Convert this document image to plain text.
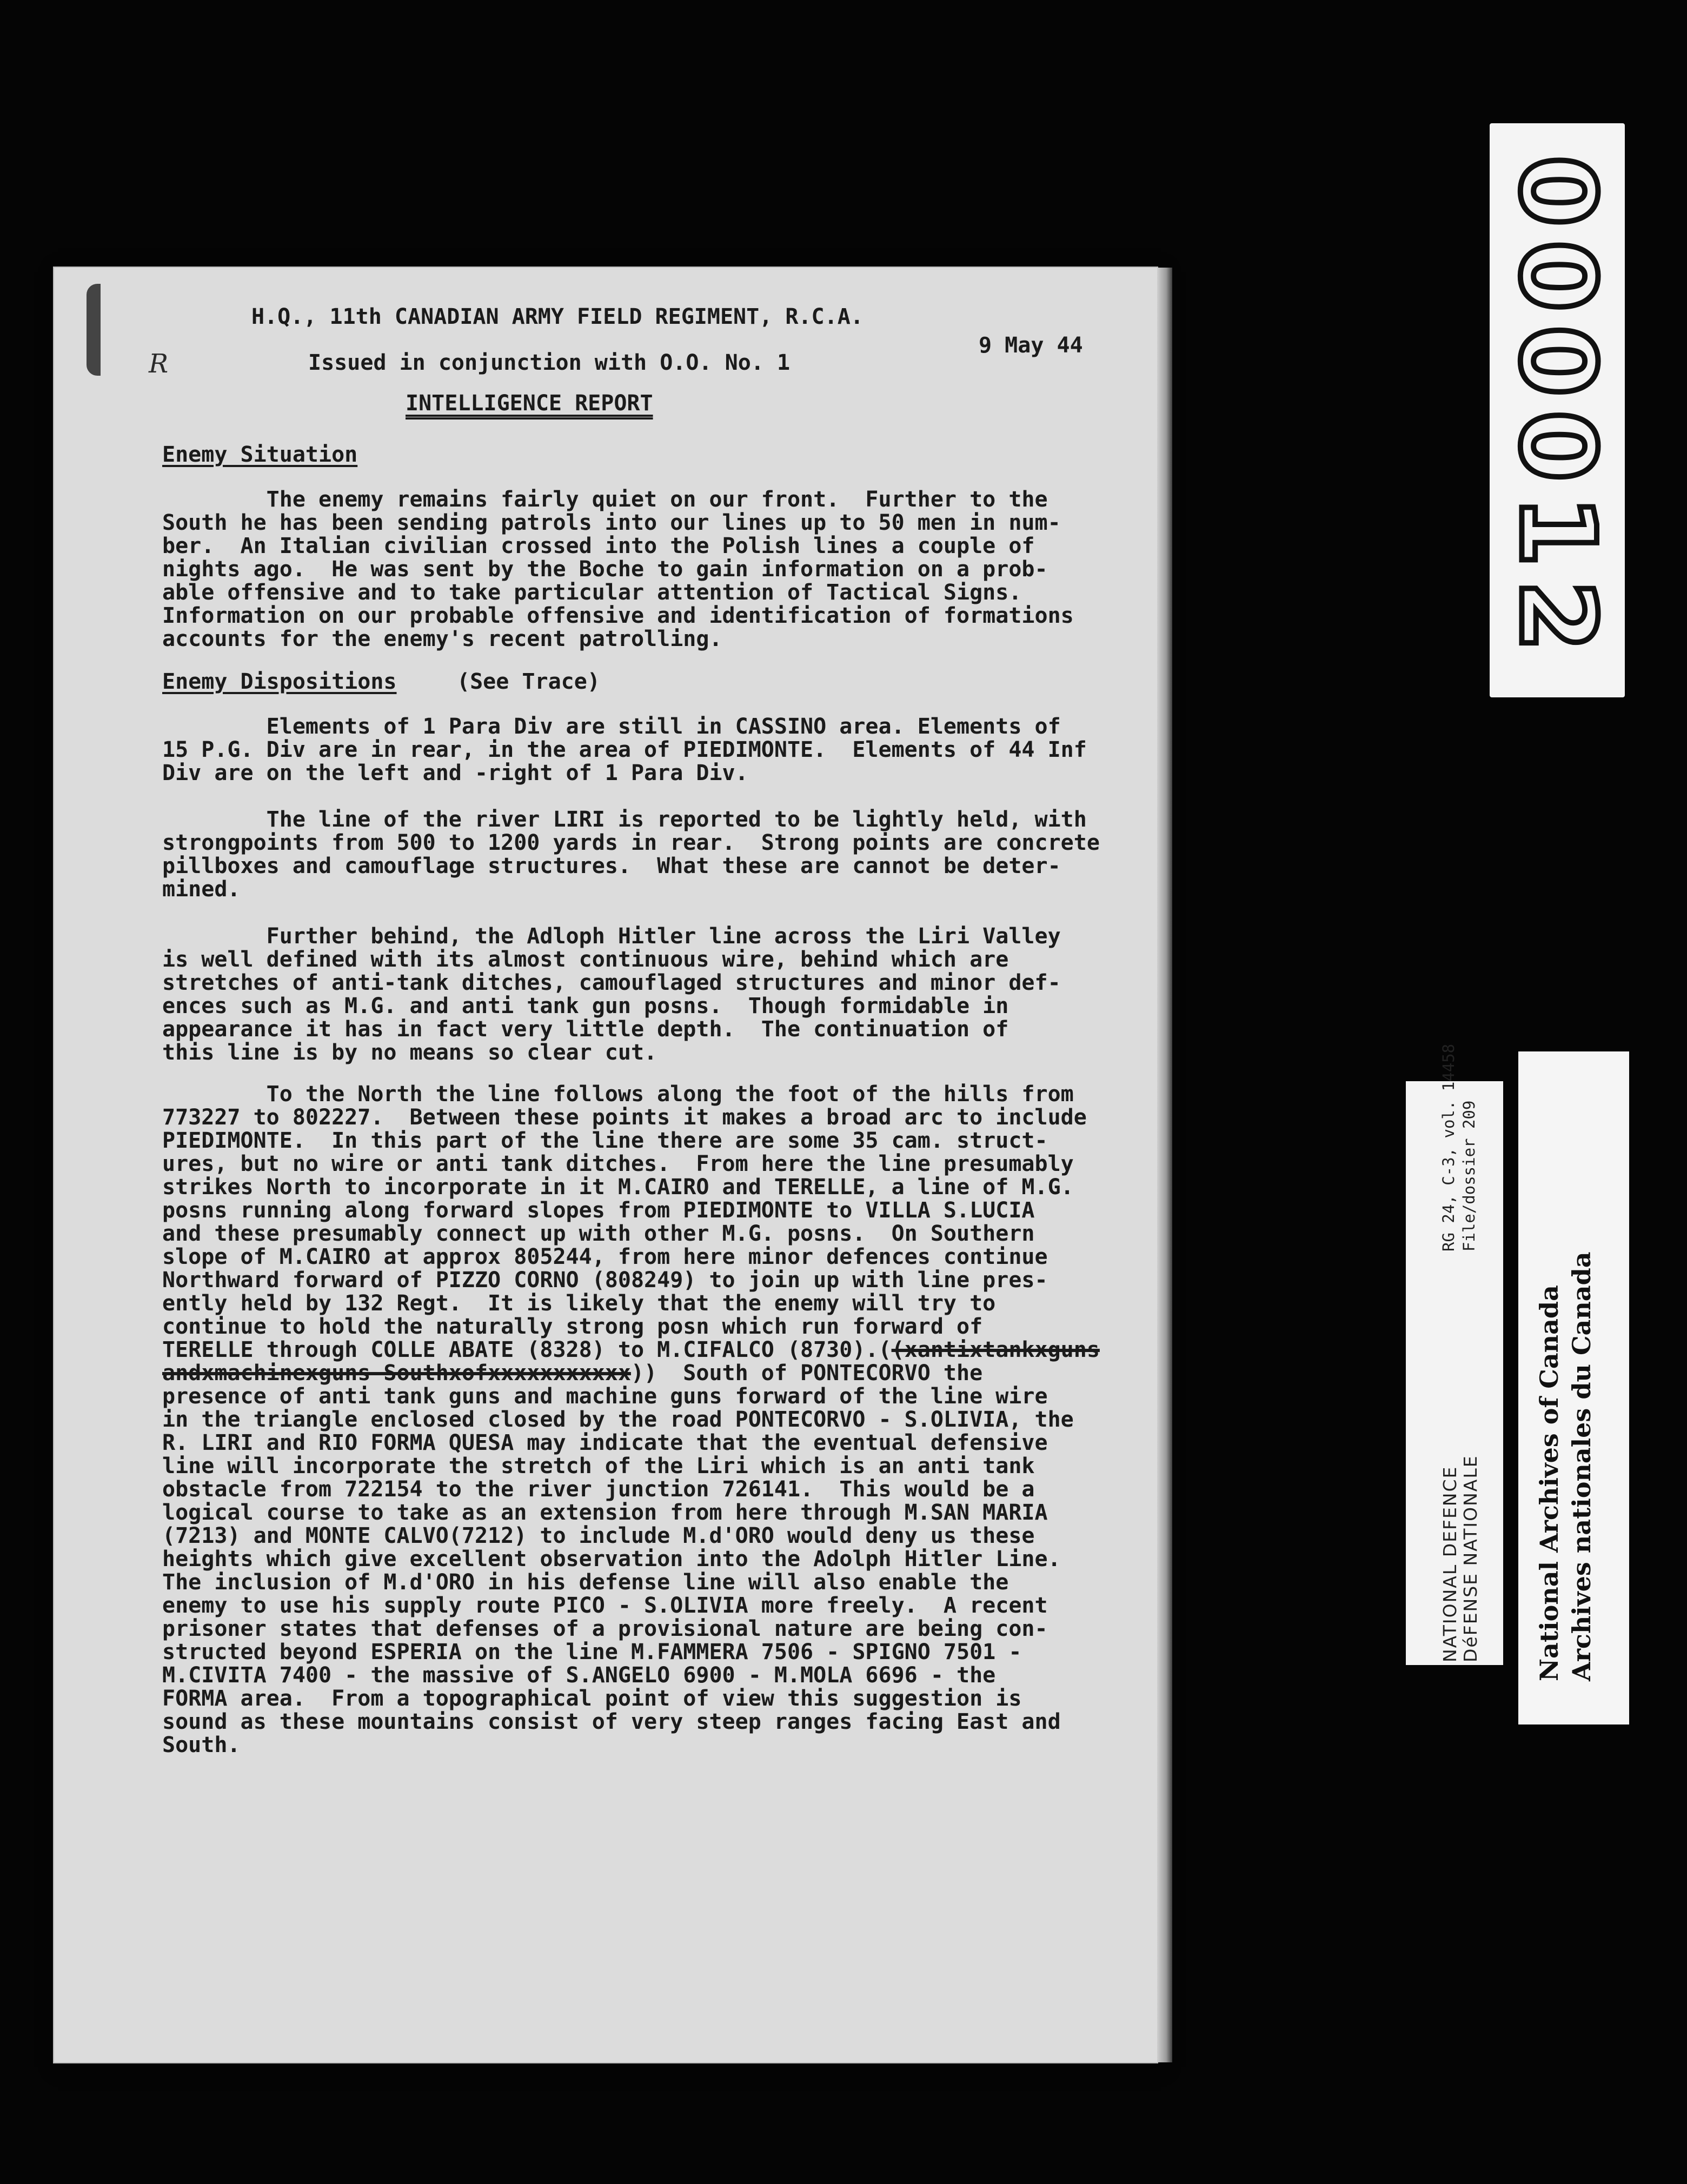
R
H.Q., 11th CANADIAN ARMY FIELD REGIMENT, R.C.A.
9 May 44
Issued in conjunction with O.O. No. 1
INTELLIGENCE REPORT
Enemy Situation
The enemy remains fairly quiet on our front.  Further to the
South he has been sending patrols into our lines up to 50 men in num-
ber.  An Italian civilian crossed into the Polish lines a couple of
nights ago.  He was sent by the Boche to gain information on a prob-
able offensive and to take particular attention of Tactical Signs.
Information on our probable offensive and identification of formations
accounts for the enemy's recent patrolling.
Enemy Dispositions	(See Trace)
Elements of 1 Para Div are still in CASSINO area. Elements of
15 P.G. Div are in rear, in the area of PIEDIMONTE.  Elements of 44 Inf
Div are on the left and -right of 1 Para Div.
The line of the river LIRI is reported to be lightly held, with
strongpoints from 500 to 1200 yards in rear.  Strong points are concrete
pillboxes and camouflage structures.  What these are cannot be deter-
mined.
Further behind, the Adloph Hitler line across the Liri Valley
is well defined with its almost continuous wire, behind which are
stretches of anti-tank ditches, camouflaged structures and minor def-
ences such as M.G. and anti tank gun posns.  Though formidable in
appearance it has in fact very little depth.  The continuation of
this line is by no means so clear cut.
To the North the line follows along the foot of the hills from
773227 to 802227.  Between these points it makes a broad arc to include
PIEDIMONTE.  In this part of the line there are some 35 cam. struct-
ures, but no wire or anti tank ditches.  From here the line presumably
strikes North to incorporate in it M.CAIRO and TERELLE, a line of M.G.
posns running along forward slopes from PIEDIMONTE to VILLA S.LUCIA
and these presumably connect up with other M.G. posns.  On Southern
slope of M.CAIRO at approx 805244, from here minor defences continue
Northward forward of PIZZO CORNO (808249) to join up with line pres-
ently held by 132 Regt.  It is likely that the enemy will try to
continue to hold the naturally strong posn which run forward of
TERELLE through COLLE ABATE (8328) to M.CIFALCO (8730).((xantixtankxguns
andxmachinexguns Southxofxxxxxxxxxxx))  South of PONTECORVO the
presence of anti tank guns and machine guns forward of the line wire
in the triangle enclosed closed by the road PONTECORVO - S.OLIVIA, the
R. LIRI and RIO FORMA QUESA may indicate that the eventual defensive
line will incorporate the stretch of the Liri which is an anti tank
obstacle from 722154 to the river junction 726141.  This would be a
logical course to take as an extension from here through M.SAN MARIA
(7213) and MONTE CALVO(7212) to include M.d'ORO would deny us these
heights which give excellent observation into the Adolph Hitler Line.
The inclusion of M.d'ORO in his defense line will also enable the
enemy to use his supply route PICO - S.OLIVIA more freely.  A recent
prisoner states that defenses of a provisional nature are being con-
structed beyond ESPERIA on the line M.FAMMERA 7506 - SPIGNO 7501 -
M.CIVITA 7400 - the massive of S.ANGELO 6900 - M.MOLA 6696 - the
FORMA area.  From a topographical point of view this suggestion is
sound as these mountains consist of very steep ranges facing East and
South.
000012
NATIONAL DEFENCE DéFENSE NATIONALE
RG 24, C-3, vol. 14458 File/dossier 209
National Archives of Canada Archives nationales du Canada
